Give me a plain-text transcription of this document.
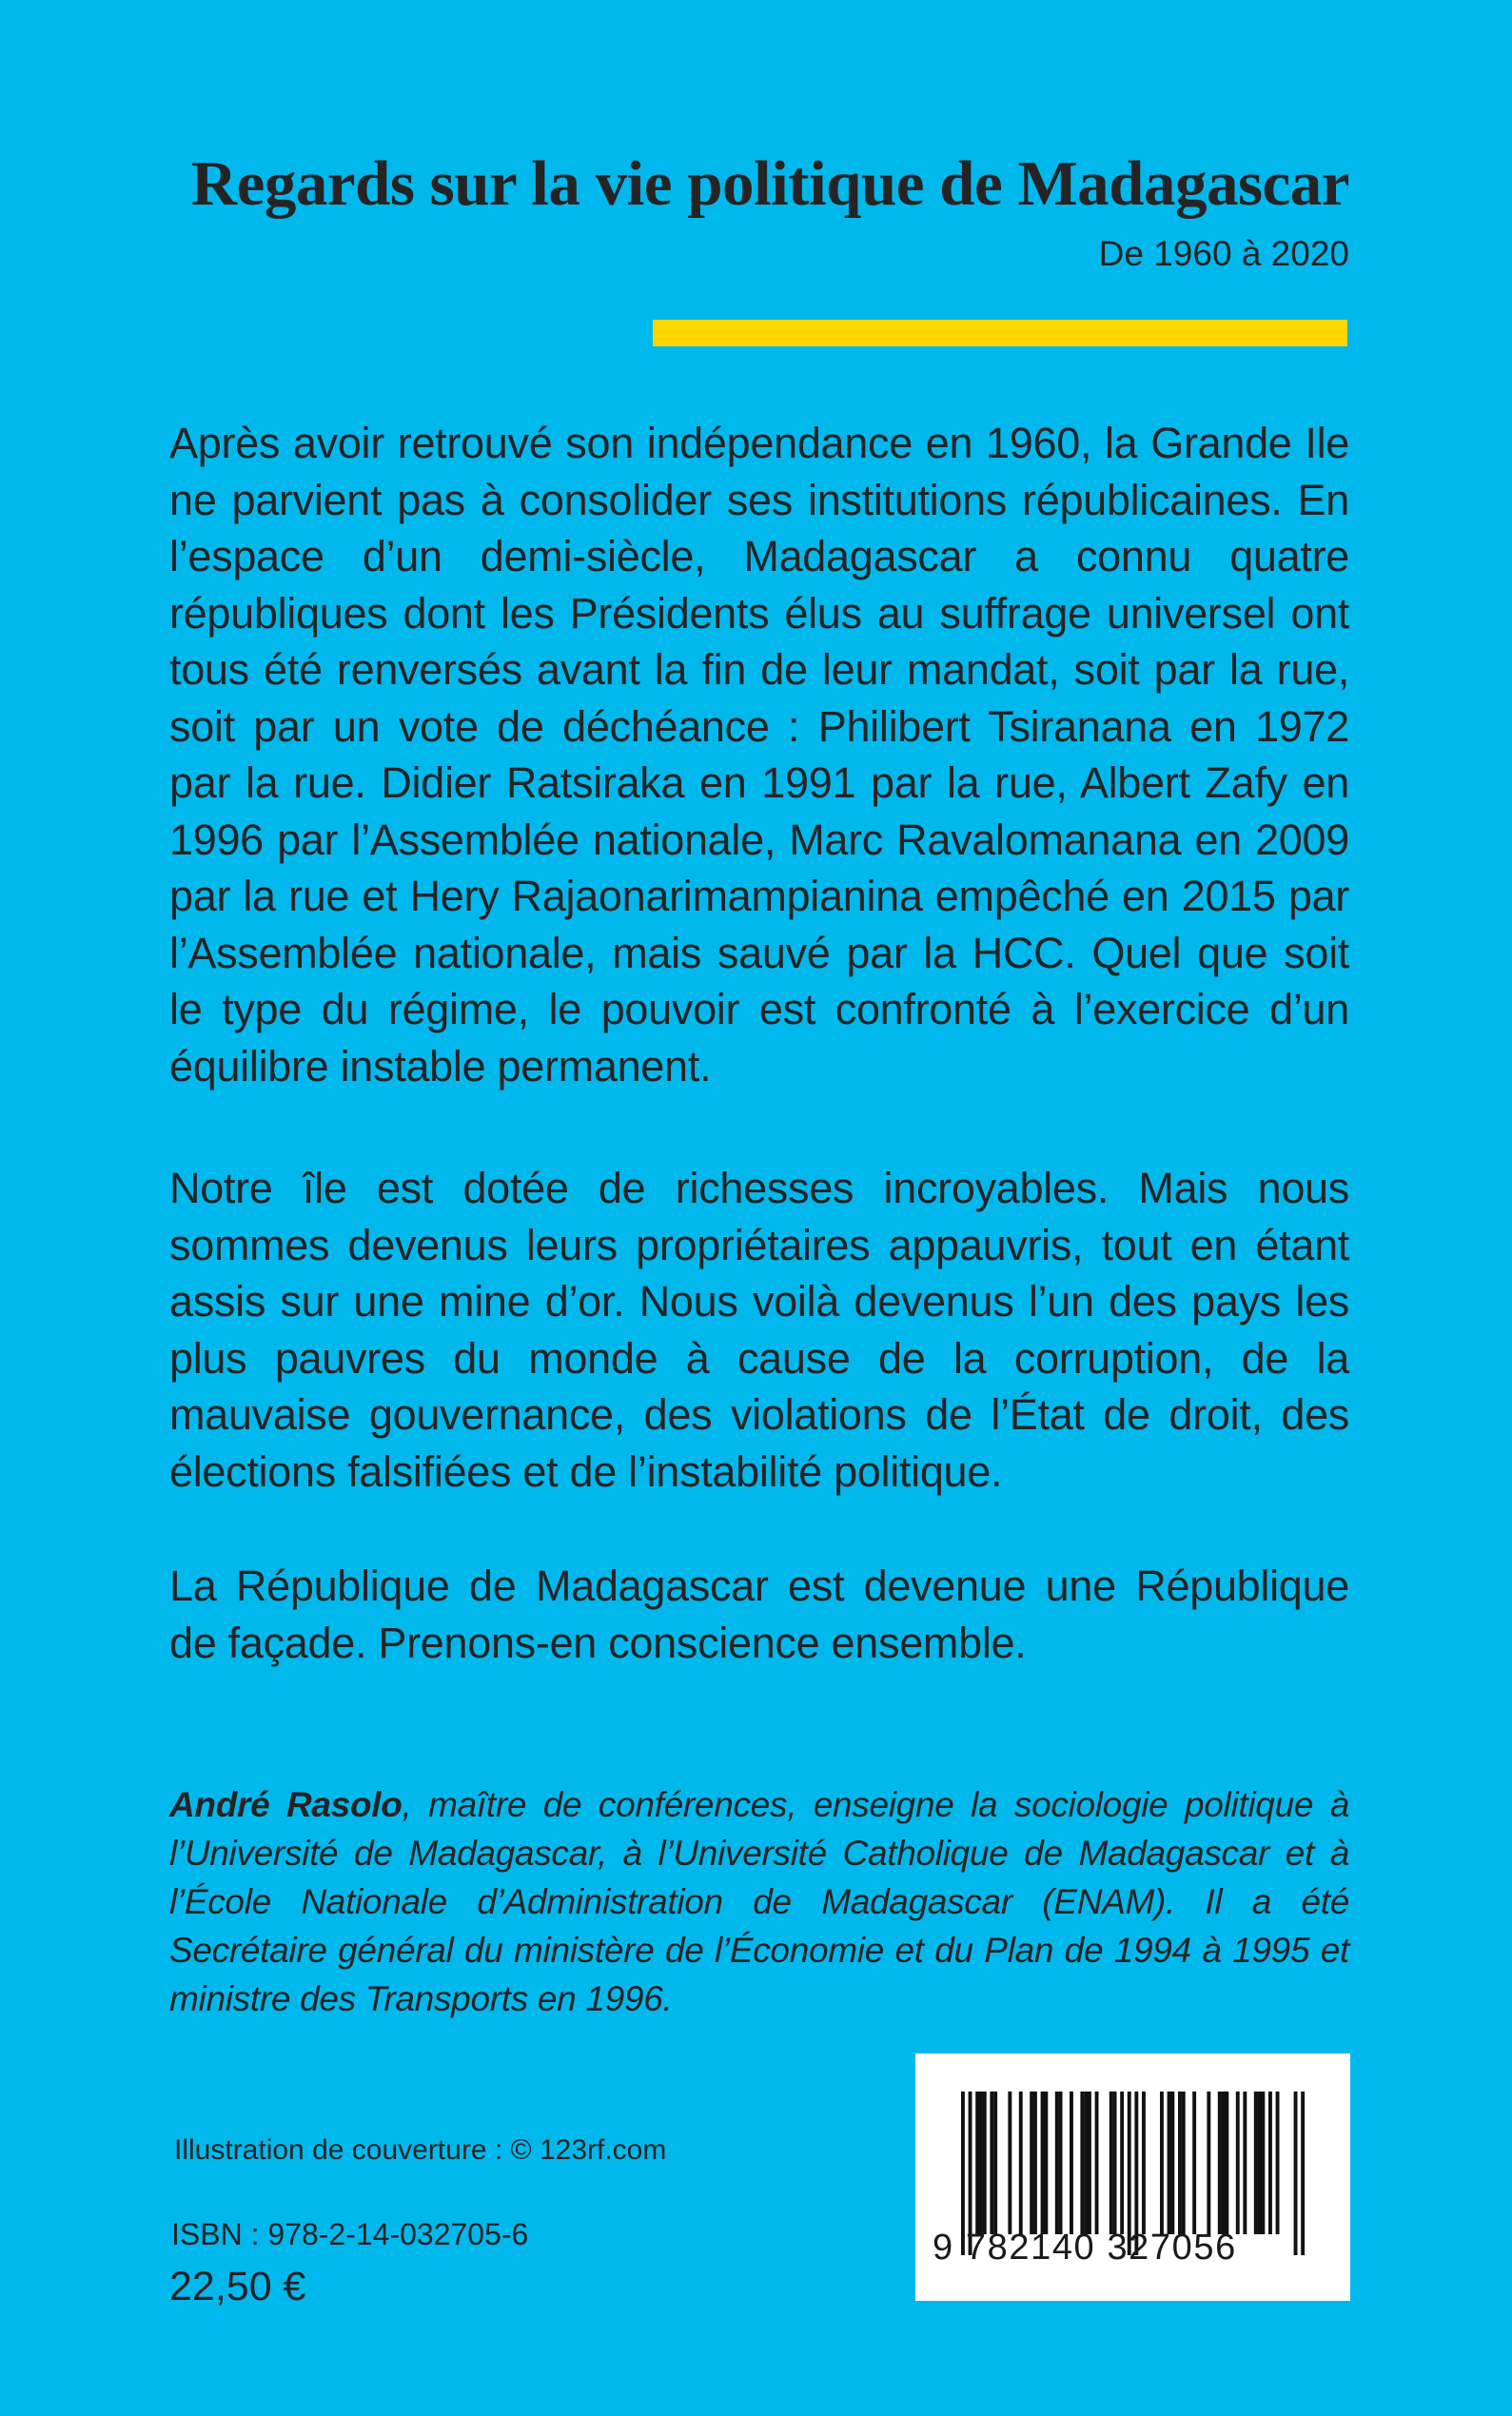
Regards sur la vie politique de Madagascar
De 1960 à 2020

Après avoir retrouvé son indépendance en 1960, la Grande Ile ne parvient pas à consolider ses institutions républicaines. En l’espace d’un demi-siècle, Madagascar a connu quatre républiques dont les Présidents élus au suffrage universel ont tous été renversés avant la fin de leur mandat, soit par la rue, soit par un vote de déchéance : Philibert Tsiranana en 1972 par la rue. Didier Ratsiraka en 1991 par la rue, Albert Zafy en 1996 par l’Assemblée nationale, Marc Ravalomanana en 2009 par la rue et Hery Rajaonarimampianina empêché en 2015 par l’Assemblée nationale, mais sauvé par la HCC. Quel que soit le type du régime, le pouvoir est confronté à l’exercice d’un équilibre instable permanent.

Notre île est dotée de richesses incroyables. Mais nous sommes devenus leurs propriétaires appauvris, tout en étant assis sur une mine d’or. Nous voilà devenus l’un des pays les plus pauvres du monde à cause de la corruption, de la mauvaise gouvernance, des violations de l’État de droit, des élections falsifiées et de l’instabilité politique.

La République de Madagascar est devenue une République de façade. Prenons-en conscience ensemble.

André Rasolo, maître de conférences, enseigne la sociologie politique à l’Université de Madagascar, à l’Université Catholique de Madagascar et à l’École Nationale d’Administration de Madagascar (ENAM). Il a été Secrétaire général du ministère de l’Économie et du Plan de 1994 à 1995 et ministre des Transports en 1996.

Illustration de couverture : © 123rf.com
ISBN : 978-2-14-032705-6
22,50 €
9 782140 327056
